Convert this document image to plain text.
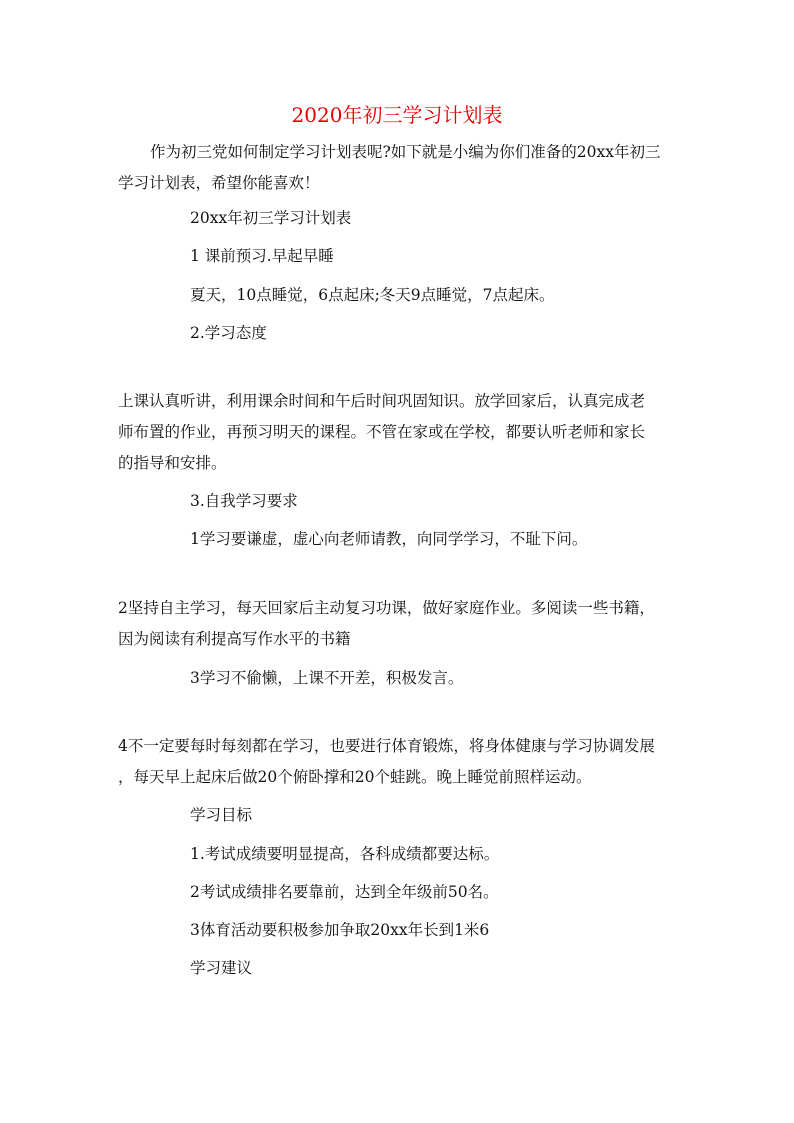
2020年初三学习计划表
作为初三党如何制定学习计划表呢?如下就是小编为你们准备的20xx年初三
学习计划表，希望你能喜欢！
20xx年初三学习计划表
1 课前预习.早起早睡
夏天，10点睡觉，6点起床;冬天9点睡觉，7点起床。
2.学习态度
上课认真听讲，利用课余时间和午后时间巩固知识。放学回家后，认真完成老
师布置的作业，再预习明天的课程。不管在家或在学校，都要认听老师和家长
的指导和安排。
3.自我学习要求
1学习要谦虚，虚心向老师请教，向同学学习，不耻下问。
2坚持自主学习，每天回家后主动复习功课，做好家庭作业。多阅读一些书籍，
因为阅读有利提高写作水平的书籍
3学习不偷懒，上课不开差，积极发言。
4不一定要每时每刻都在学习，也要进行体育锻炼，将身体健康与学习协调发展
，每天早上起床后做20个俯卧撑和20个蛙跳。晚上睡觉前照样运动。
学习目标
1.考试成绩要明显提高，各科成绩都要达标。
2考试成绩排名要靠前，达到全年级前50名。
3体育活动要积极参加争取20xx年长到1米6
学习建议
